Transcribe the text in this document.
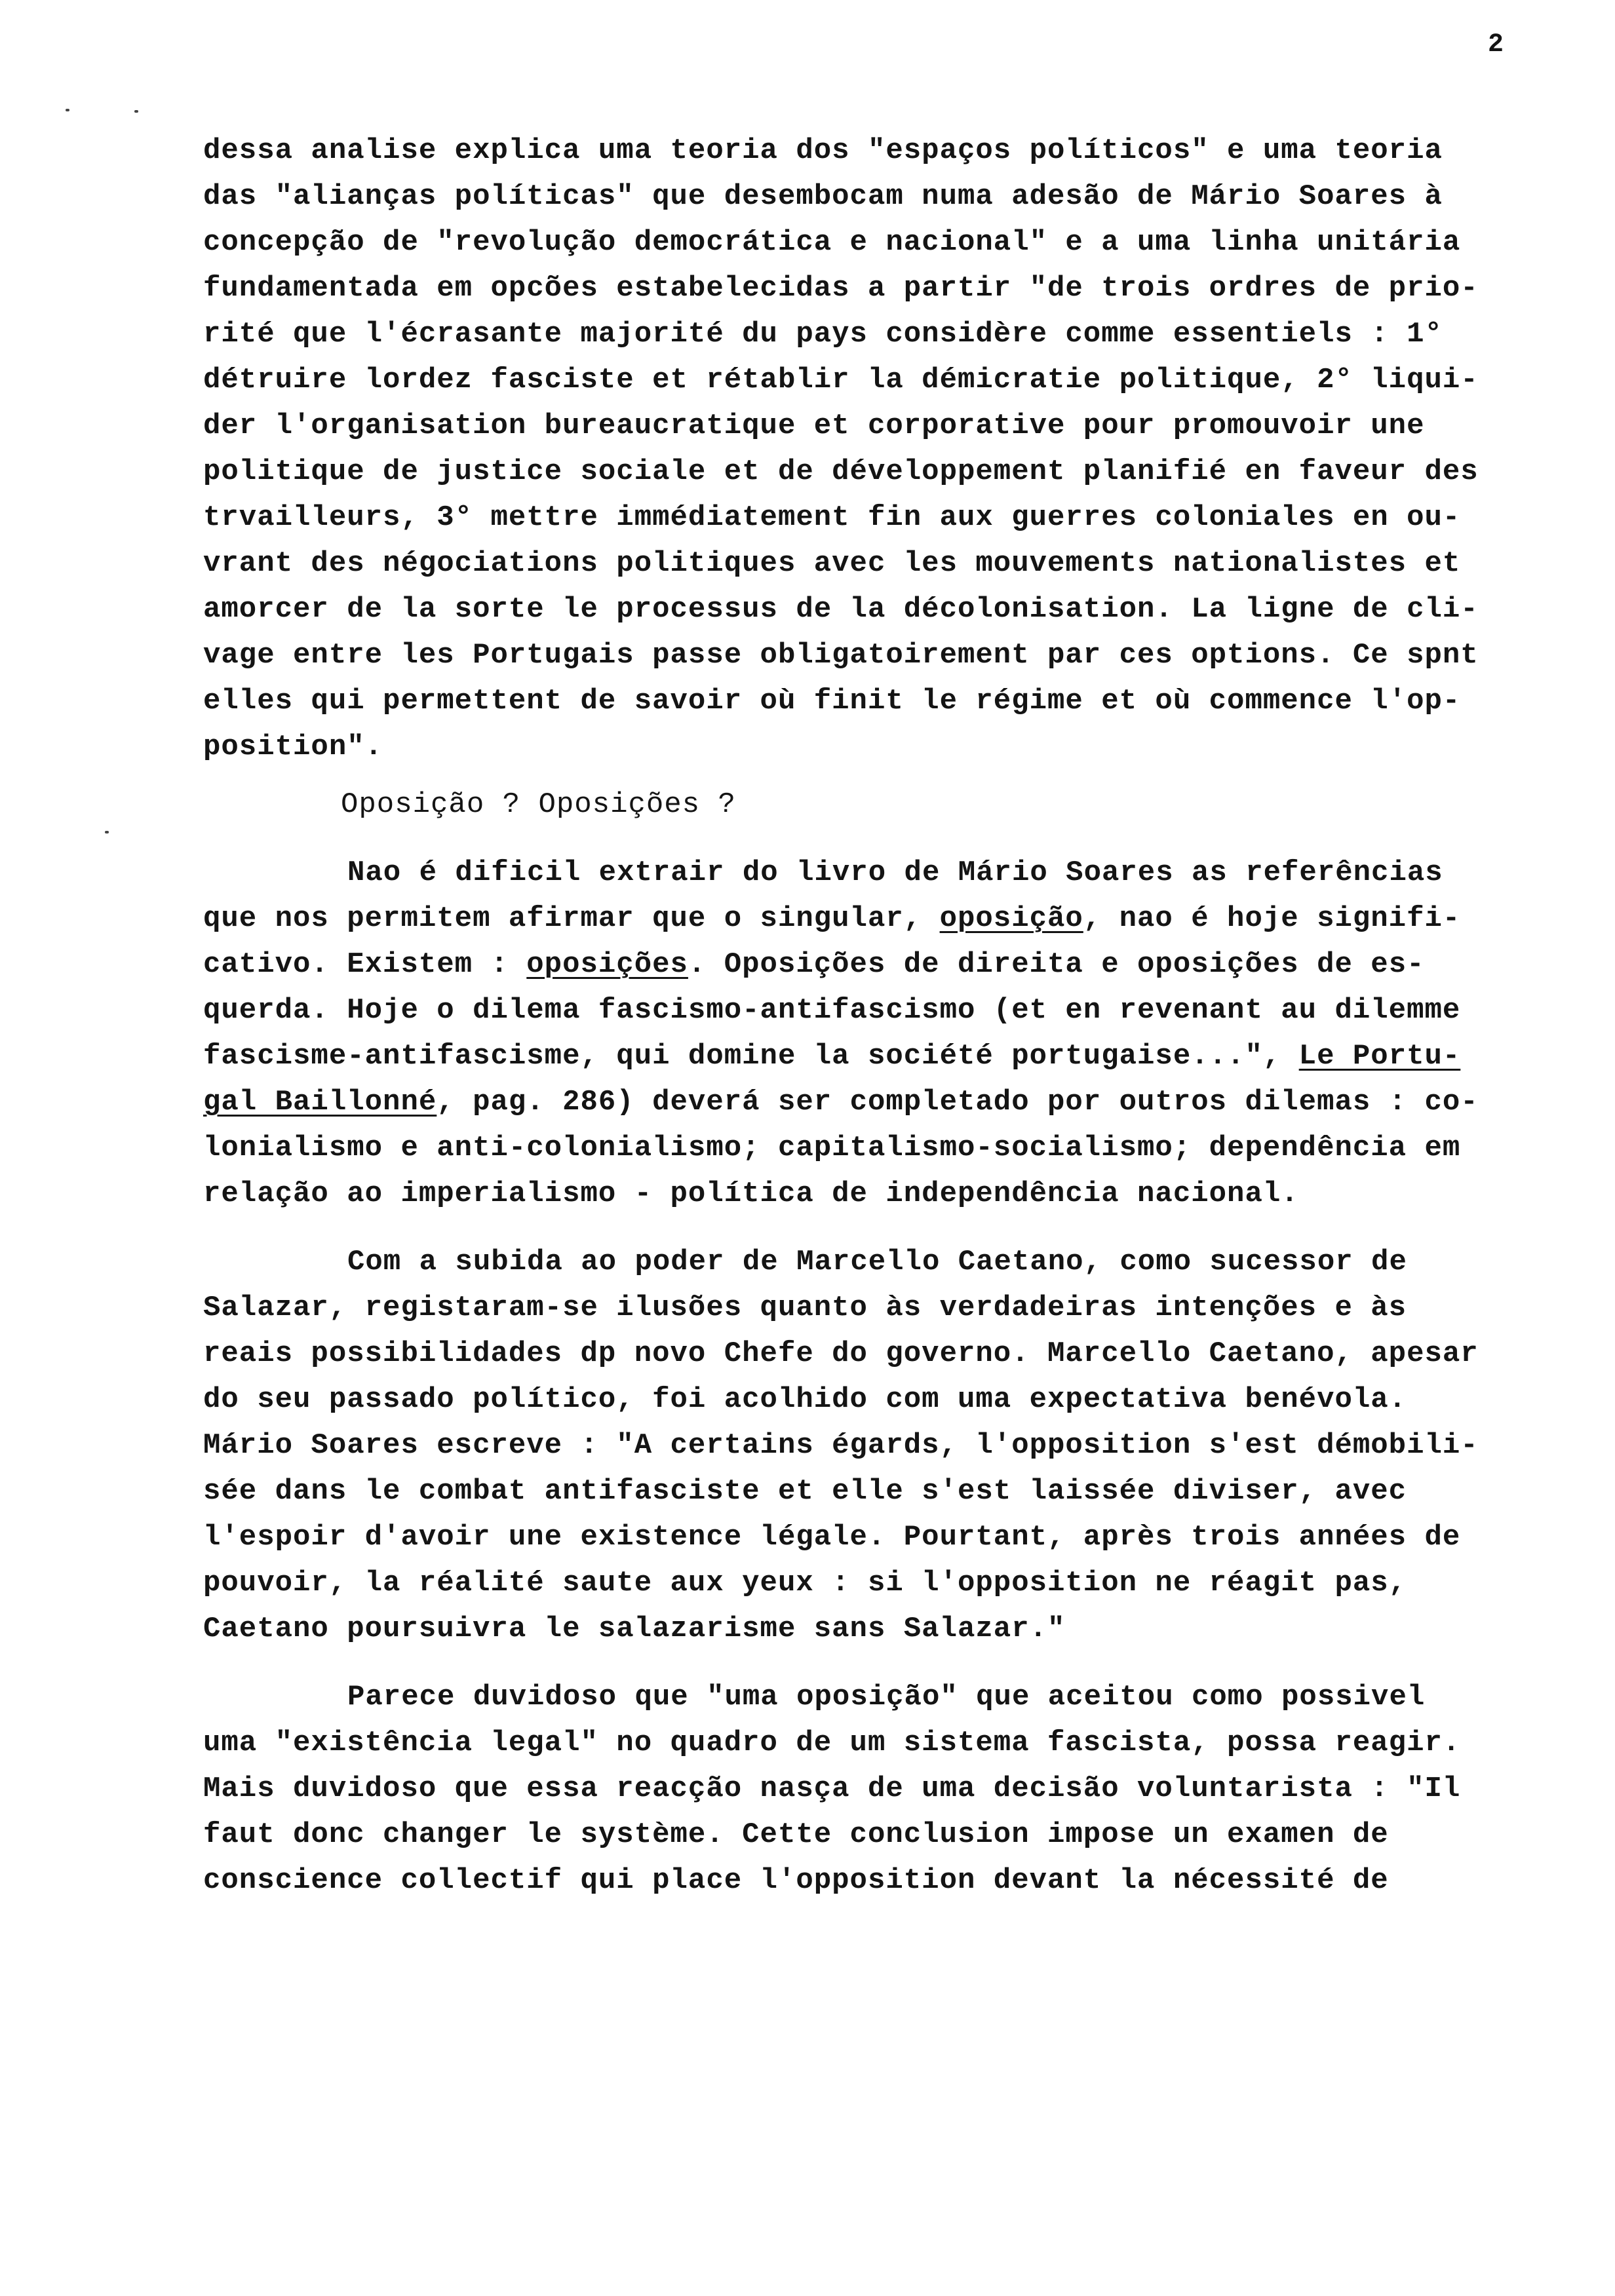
2
dessa analise explica uma teoria dos "espaços políticos" e uma teoria
das "alianças políticas" que desembocam numa adesão de Mário Soares à
concepção de "revolução democrática e nacional" e a uma linha unitária
fundamentada em opcões estabelecidas a partir "de trois ordres de prio-
rité que l'écrasante majorité du pays considère comme essentiels : 1°
détruire lordez fasciste et rétablir la démicratie politique, 2° liqui-
der l'organisation bureaucratique et corporative pour promouvoir une
politique de justice sociale et de développement planifié en faveur des
trvailleurs, 3° mettre immédiatement fin aux guerres coloniales en ou-
vrant des négociations politiques avec les mouvements nationalistes et
amorcer de la sorte le processus de la décolonisation. La ligne de cli-
vage entre les Portugais passe obligatoirement par ces options. Ce spnt
elles qui permettent de savoir où finit le régime et où commence l'op-
position".
Oposição ? Oposições ?
Nao é dificil extrair do livro de Mário Soares as referências
que nos permitem afirmar que o singular, oposição, nao é hoje signifi-
cativo. Existem : oposições. Oposições de direita e oposições de es-
querda. Hoje o dilema fascismo-antifascismo (et en revenant au dilemme
fascisme-antifascisme, qui domine la société portugaise...", Le Portu-
gal Baillonné, pag. 286) deverá ser completado por outros dilemas : co-
lonialismo e anti-colonialismo; capitalismo-socialismo; dependência em
relação ao imperialismo - política de independência nacional.
Com a subida ao poder de Marcello Caetano, como sucessor de
Salazar, registaram-se ilusões quanto às verdadeiras intenções e às
reais possibilidades dp novo Chefe do governo. Marcello Caetano, apesar
do seu passado político, foi acolhido com uma expectativa benévola.
Mário Soares escreve : "A certains égards, l'opposition s'est démobili-
sée dans le combat antifasciste et elle s'est laissée diviser, avec
l'espoir d'avoir une existence légale. Pourtant, après trois années de
pouvoir, la réalité saute aux yeux : si l'opposition ne réagit pas,
Caetano poursuivra le salazarisme sans Salazar."
Parece duvidoso que "uma oposição" que aceitou como possivel
uma "existência legal" no quadro de um sistema fascista, possa reagir.
Mais duvidoso que essa reacção nasça de uma decisão voluntarista : "Il
faut donc changer le système. Cette conclusion impose un examen de
conscience collectif qui place l'opposition devant la nécessité de
